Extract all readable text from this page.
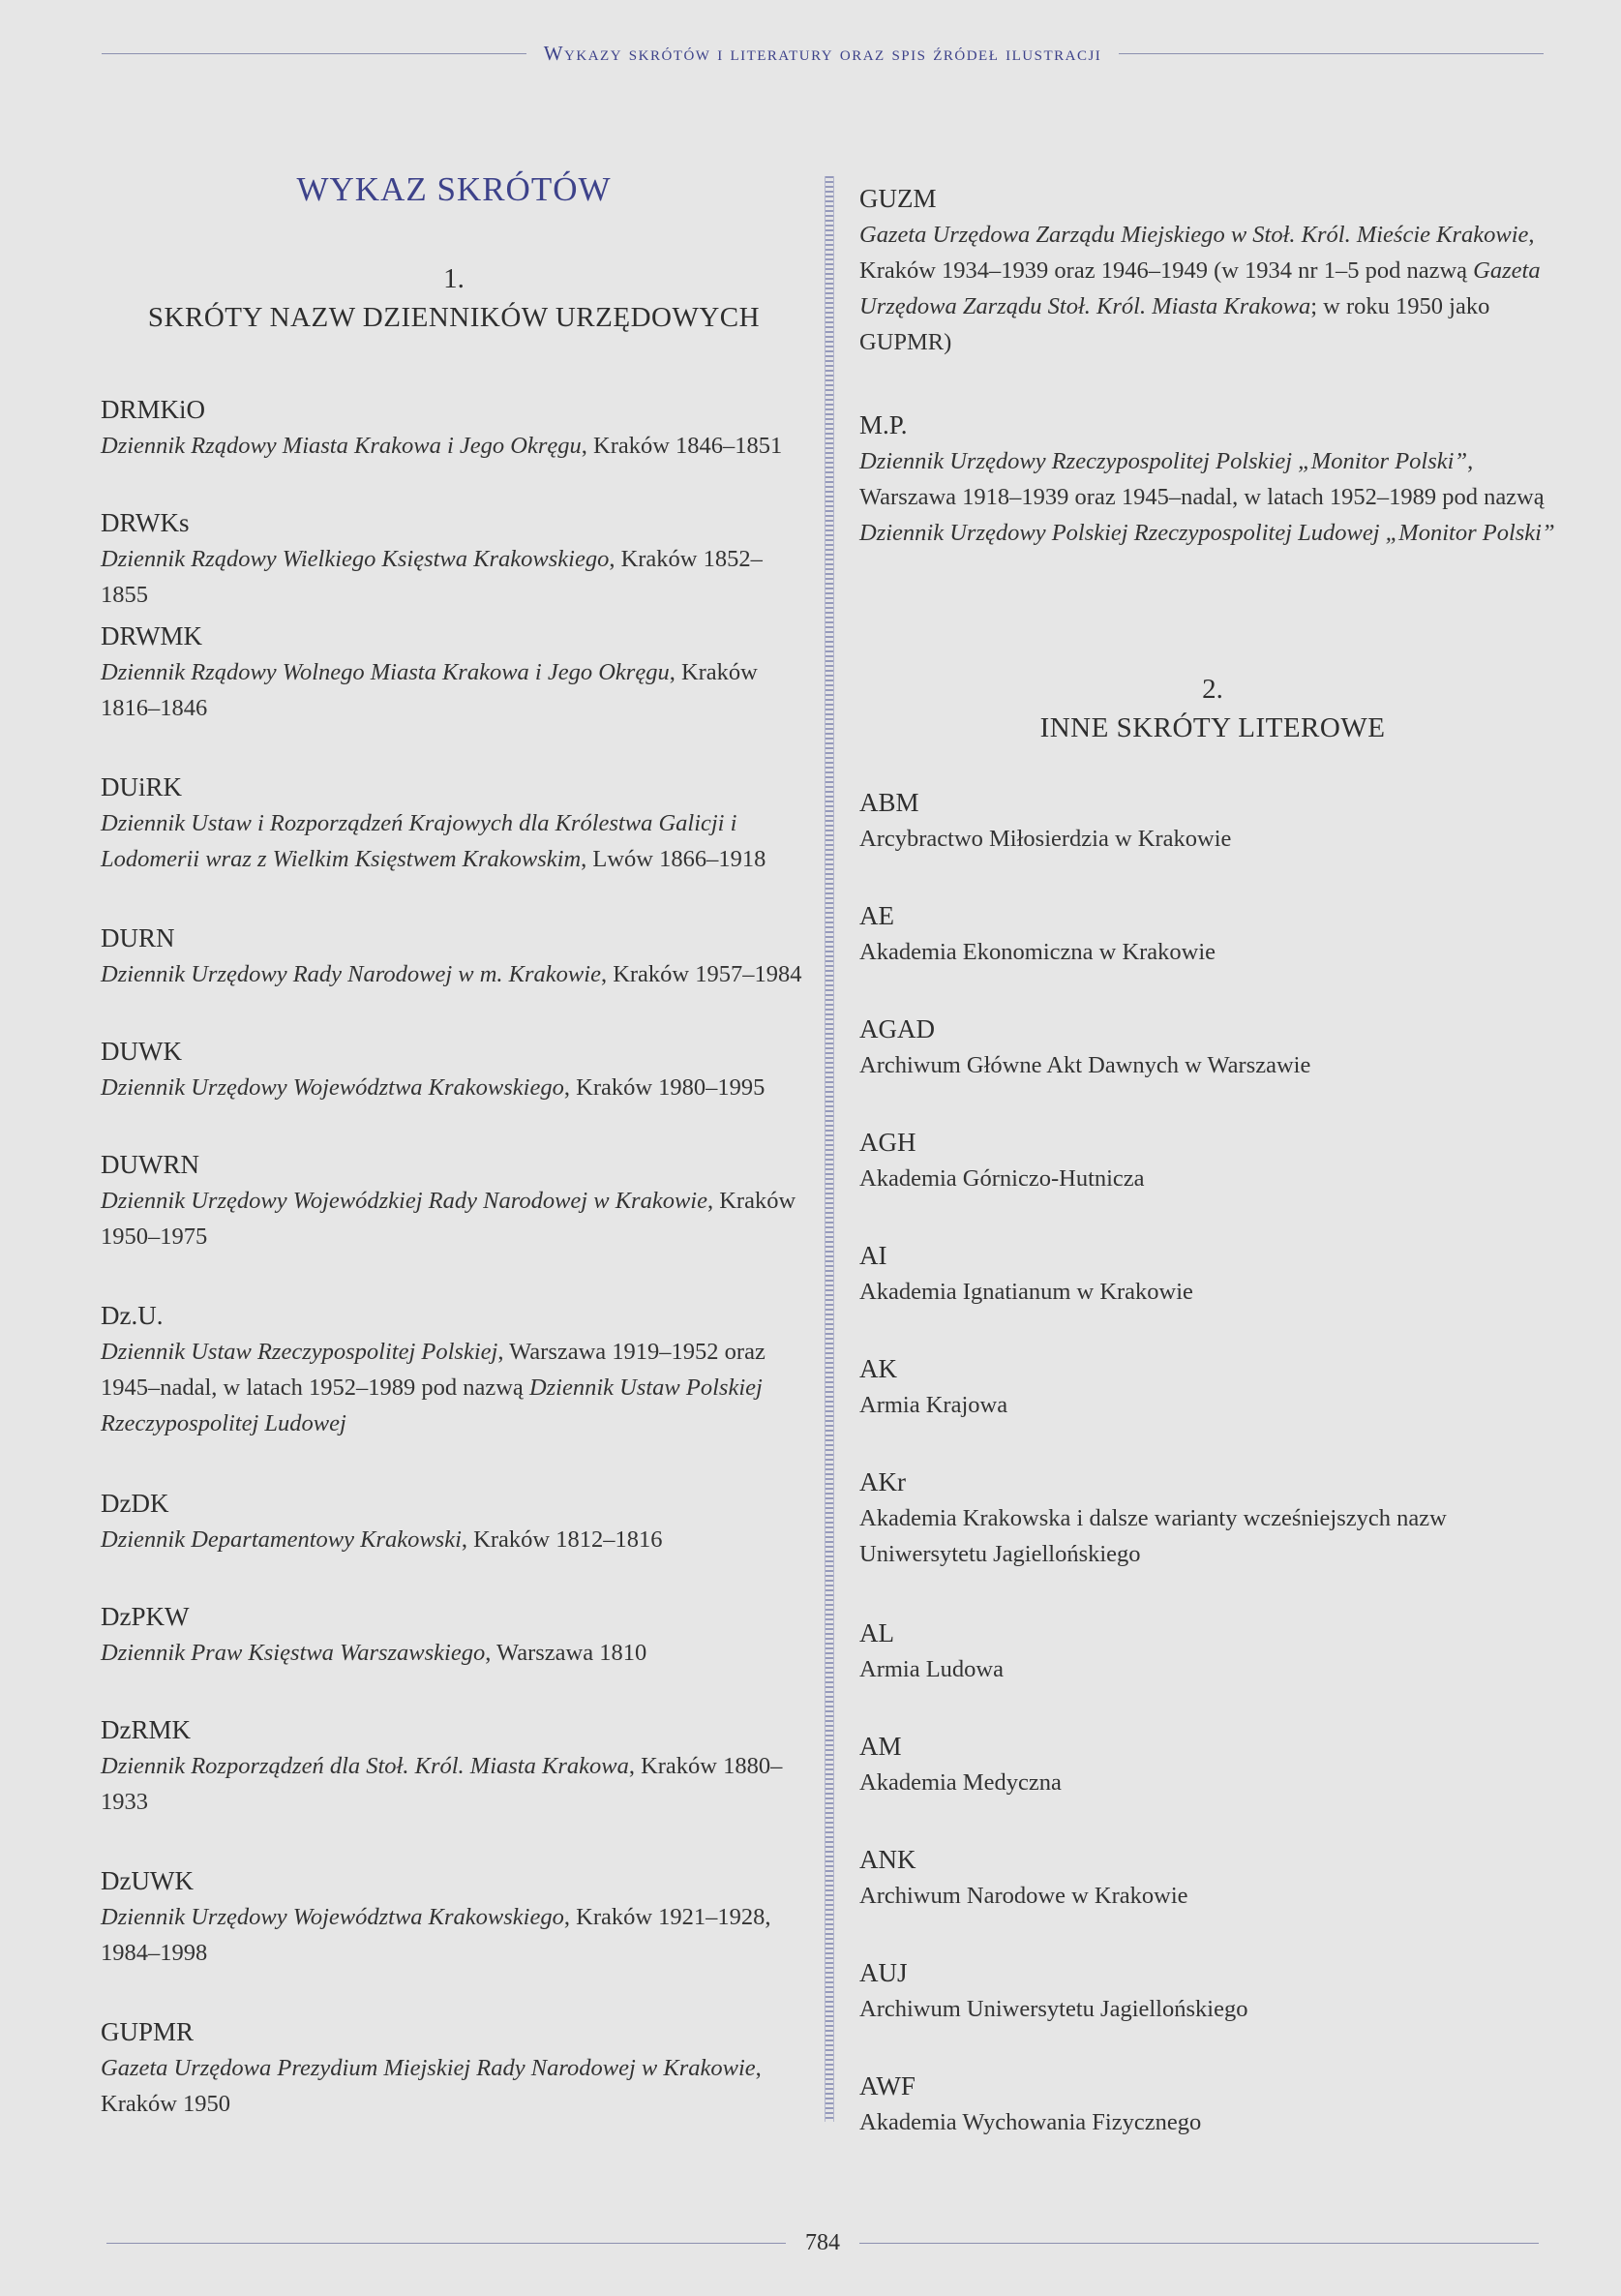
Wykazy skrótów i literatury oraz spis źródeł ilustracji
WYKAZ SKRÓTÓW
1.
SKRÓTY NAZW DZIENNIKÓW URZĘDOWYCH
DRMKiO
Dziennik Rządowy Miasta Krakowa i Jego Okręgu, Kraków 1846–1851
DRWKs
Dziennik Rządowy Wielkiego Księstwa Krakowskiego, Kraków 1852–1855
DRWMK
Dziennik Rządowy Wolnego Miasta Krakowa i Jego Okręgu, Kraków 1816–1846
DUiRK
Dziennik Ustaw i Rozporządzeń Krajowych dla Królestwa Galicji i Lodomerii wraz z Wielkim Księstwem Krakowskim, Lwów 1866–1918
DURN
Dziennik Urzędowy Rady Narodowej w m. Krakowie, Kraków 1957–1984
DUWK
Dziennik Urzędowy Województwa Krakowskiego, Kraków 1980–1995
DUWRN
Dziennik Urzędowy Wojewódzkiej Rady Narodowej w Krakowie, Kraków 1950–1975
Dz.U.
Dziennik Ustaw Rzeczypospolitej Polskiej, Warszawa 1919–1952 oraz 1945–nadal, w latach 1952–1989 pod nazwą Dziennik Ustaw Polskiej Rzeczypospolitej Ludowej
DzDK
Dziennik Departamentowy Krakowski, Kraków 1812–1816
DzPKW
Dziennik Praw Księstwa Warszawskiego, Warszawa 1810
DzRMK
Dziennik Rozporządzeń dla Stoł. Król. Miasta Krakowa, Kraków 1880–1933
DzUWK
Dziennik Urzędowy Województwa Krakowskiego, Kraków 1921–1928, 1984–1998
GUPMR
Gazeta Urzędowa Prezydium Miejskiej Rady Narodowej w Krakowie, Kraków 1950
GUZM
Gazeta Urzędowa Zarządu Miejskiego w Stoł. Król. Mieście Krakowie, Kraków 1934–1939 oraz 1946–1949 (w 1934 nr 1–5 pod nazwą Gazeta Urzędowa Zarządu Stoł. Król. Miasta Krakowa; w roku 1950 jako GUPMR)
M.P.
Dziennik Urzędowy Rzeczypospolitej Polskiej „Monitor Polski”, Warszawa 1918–1939 oraz 1945–nadal, w latach 1952–1989 pod nazwą Dziennik Urzędowy Polskiej Rzeczypospolitej Ludowej „Monitor Polski”
2.
INNE SKRÓTY LITEROWE
ABM
Arcybractwo Miłosierdzia w Krakowie
AE
Akademia Ekonomiczna w Krakowie
AGAD
Archiwum Główne Akt Dawnych w Warszawie
AGH
Akademia Górniczo-Hutnicza
AI
Akademia Ignatianum w Krakowie
AK
Armia Krajowa
AKr
Akademia Krakowska i dalsze warianty wcześniejszych nazw Uniwersytetu Jagiellońskiego
AL
Armia Ludowa
AM
Akademia Medyczna
ANK
Archiwum Narodowe w Krakowie
AUJ
Archiwum Uniwersytetu Jagiellońskiego
AWF
Akademia Wychowania Fizycznego
784
